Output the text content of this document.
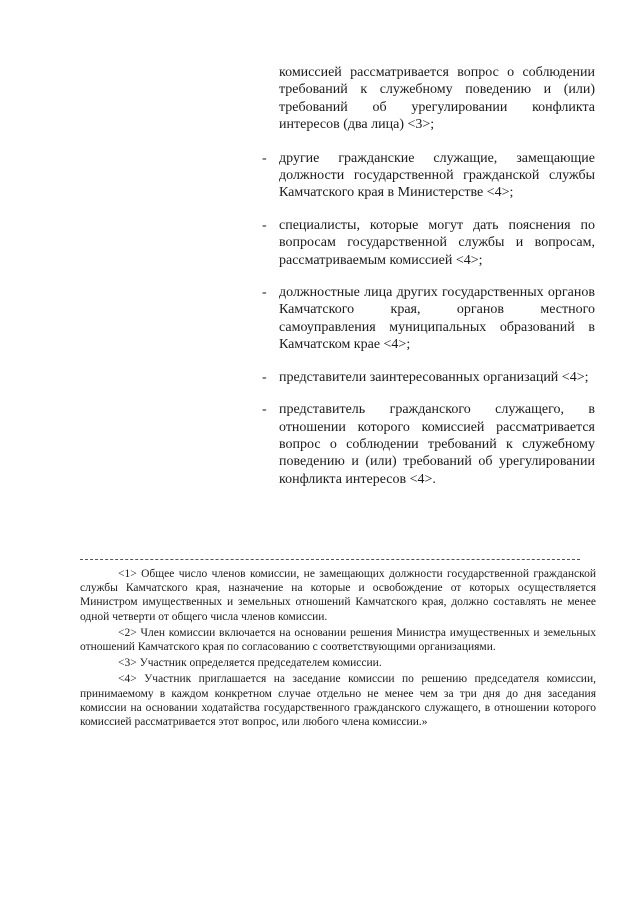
комиссией рассматривается вопрос о соблюдении требований к служебному поведению и (или) требований об урегулировании конфликта интересов (два лица) <3>;
- другие гражданские служащие, замещающие должности государственной гражданской службы Камчатского края в Министерстве <4>;
- специалисты, которые могут дать пояснения по вопросам государственной службы и вопросам, рассматриваемым комиссией <4>;
- должностные лица других государственных органов Камчатского края, органов местного самоуправления муниципальных образований в Камчатском крае <4>;
- представители заинтересованных организаций <4>;
- представитель гражданского служащего, в отношении которого комиссией рассматривается вопрос о соблюдении требований к служебному поведению и (или) требований об урегулировании конфликта интересов <4>.

<1> Общее число членов комиссии, не замещающих должности государственной гражданской службы Камчатского края, назначение на которые и освобождение от которых осуществляется Министром имущественных и земельных отношений Камчатского края, должно составлять не менее одной четверти от общего числа членов комиссии.

<2> Член комиссии включается на основании решения Министра имущественных и земельных отношений Камчатского края по согласованию с соответствующими организациями.

<3> Участник определяется председателем комиссии.

<4> Участник приглашается на заседание комиссии по решению председателя комиссии, принимаемому в каждом конкретном случае отдельно не менее чем за три дня до дня заседания комиссии на основании ходатайства государственного гражданского служащего, в отношении которого комиссией рассматривается этот вопрос, или любого члена комиссии.»
